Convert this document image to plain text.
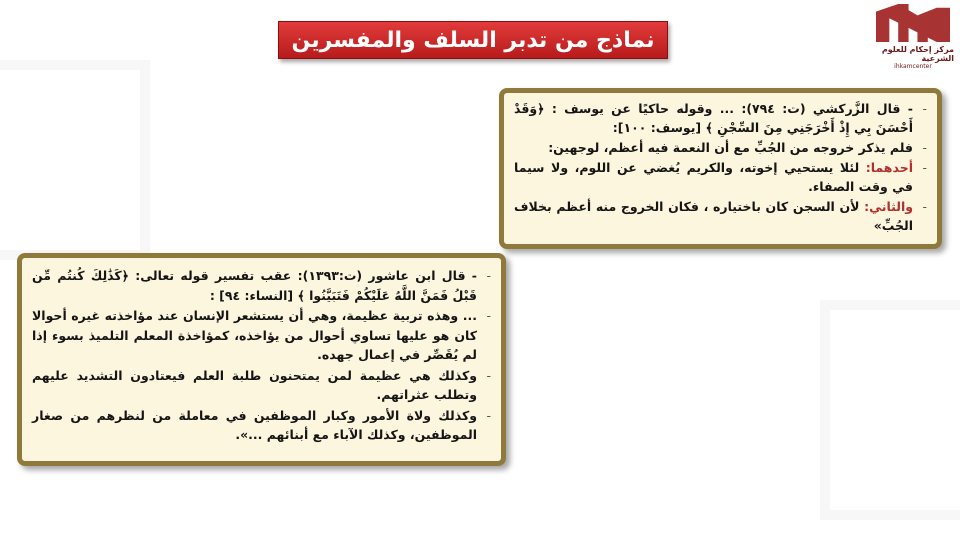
نماذج من تدبر السلف والمفسرين	مركز إحكام للعلوم الشرعية
ihkamcenter
-
- قال الزَّركشي (ت: ٧٩٤): ... وقوله حاكيًا عن يوسف : ﴿وَقَدْ أَحْسَنَ بِي إِذْ أَخْرَجَنِي مِنَ السِّجْنِ ﴾ [يوسف: ١٠٠]:
-
فلم يذكر خروجه من الجُبِّ مع أن النعمة فيه أعظم، لوجهين:
-
أحدهما: لئلا يستحيي إخوته، والكريم يُغضي عن اللوم، ولا سيما في وقت الصفاء.
-
والثاني: لأن السجن كان باختياره ، فكان الخروج منه أعظم بخلاف الجُبِّ»
-
- قال ابن عاشور (ت:١٣٩٣): عقب تفسير قوله تعالى: ﴿كَذَٰلِكَ كُنتُم مِّن قَبْلُ فَمَنَّ اللَّهُ عَلَيْكُمْ فَتَبَيَّنُوا ﴾ [النساء: ٩٤] :
-
... وهذه تربية عظيمة، وهي أن يستشعر الإنسان عند مؤاخذته غيره أحوالا كان هو عليها تساوي أحوال من يؤاخذه، كمؤاخذة المعلم التلميذ بسوء إذا لم يُقَصِّر في إعمال جهده.
-
وكذلك هي عظيمة لمن يمتحنون طلبة العلم فيعتادون التشديد عليهم وتطلب عثراتهم.
-
وكذلك ولاة الأمور وكبار الموظفين في معاملة من لنظرهم من صغار الموظفين، وكذلك الآباء مع أبنائهم ...».
